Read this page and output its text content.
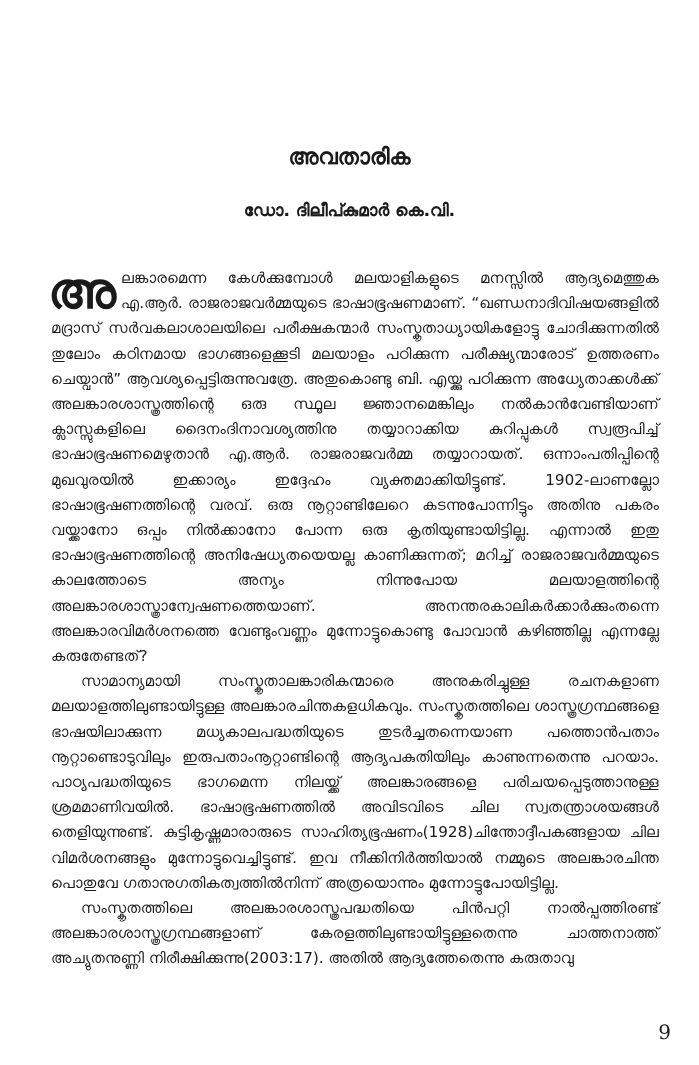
അവതാരിക
ഡോ. ദിലീപ്കുമാർ കെ.വി.

അലങ്കാരമെന്ന കേൾക്കുമ്പോൾ മലയാളികളുടെ മനസ്സിൽ ആദ്യമെത്തുക എ.ആർ. രാജരാജവർമ്മയുടെ ഭാഷാഭൂഷണമാണ്. “ഖണ്ഡനാദിവിഷയങ്ങളിൽ മദ്രാസ് സർവകലാശാലയിലെ പരീക്ഷകന്മാർ സംസ്കൃതാധ്യായികളോട്ടു ചോദിക്കുന്നതിൽ തുലോം കഠിനമായ ഭാഗങ്ങളെക്കൂടി മലയാളം പഠിക്കുന്ന പരീക്ഷ്യന്മാരോട് ഉത്തരണം ചെയ്വാൻ” ആവശ്യപ്പെട്ടിരുന്നുവത്രേ. അതുകൊണ്ടു ബി. എയ്ക്കു പഠിക്കുന്ന അധ്യേതാക്കൾക്ക് അലങ്കാരശാസ്ത്രത്തിന്റെ ഒരു സ്ഥൂല ജ്ഞാനമെങ്കിലും നൽകാൻവേണ്ടിയാണ് ക്ലാസ്സുകളിലെ ദൈനംദിനാവശ്യത്തിനു തയ്യാറാക്കിയ കുറിപ്പുകൾ സ്വരൂപിച്ച് ഭാഷാഭൂഷണമെഴുതാൻ എ.ആർ. രാജരാജവർമ്മ തയ്യാറായത്. ഒന്നാംപതിപ്പിന്റെ മുഖവുരയിൽ ഇക്കാര്യം ഇദ്ദേഹം വ്യക്തമാക്കിയിട്ടുണ്ട്. 1902-ലാണല്ലോ ഭാഷാഭൂഷണത്തിന്റെ വരവ്. ഒരു നൂറ്റാണ്ടിലേറെ കടന്നുപോന്നിട്ടും അതിനു പകരം വയ്ക്കാനോ ഒപ്പം നിൽക്കാനോ പോന്ന ഒരു കൃതിയുണ്ടായിട്ടില്ല. എന്നാൽ ഇതു ഭാഷാഭൂഷണത്തിന്റെ അനിഷേധ്യതയെയല്ല കാണിക്കുന്നത്; മറിച്ച് രാജരാജവർമ്മയുടെ കാലത്തോടെ അന്യം നിന്നുപോയ മലയാളത്തിന്റെ അലങ്കാരശാസ്ത്രാന്വേഷണത്തെയാണ്. അനന്തരകാലികർക്കാർക്കുംതന്നെ അലങ്കാരവിമർശനത്തെ വേണ്ടുംവണ്ണം മുന്നോട്ടുകൊണ്ടു പോവാൻ കഴിഞ്ഞില്ല എന്നല്ലേ കരുതേണ്ടത്?

സാമാന്യമായി സംസ്കൃതാലങ്കാരികന്മാരെ അനുകരിച്ചുള്ള രചനകളാണ മലയാളത്തിലുണ്ടായിട്ടുള്ള അലങ്കാരചിന്തകളധികവും. സംസ്കൃതത്തിലെ ശാസ്ത്രഗ്രന്ഥങ്ങളെ ഭാഷയിലാക്കുന്ന മധ്യകാലപദ്ധതിയുടെ തുടർച്ചതന്നെയാണ പത്തൊൻപതാം നൂറ്റാണ്ടൊടുവിലും ഇരുപതാംനൂറ്റാണ്ടിന്റെ ആദ്യപകുതിയിലും കാണുന്നതെന്നു പറയാം. പാഠ്യപദ്ധതിയുടെ ഭാഗമെന്ന നിലയ്ക്ക് അലങ്കാരങ്ങളെ പരിചയപ്പെടുത്താനുള്ള ശ്രമമാണിവയിൽ. ഭാഷാഭൂഷണത്തിൽ അവിടവിടെ ചില സ്വതന്ത്രാശയങ്ങൾ തെളിയുന്നുണ്ട്. കുട്ടികൃഷ്ണമാരാരുടെ സാഹിത്യഭൂഷണം(1928)ചിന്തോദ്ദീപകങ്ങളായ ചില വിമർശനങ്ങളും മുന്നോട്ടുവെച്ചിട്ടുണ്ട്. ഇവ നീക്കിനിർത്തിയാൽ നമ്മുടെ അലങ്കാരചിന്ത പൊതുവേ ഗതാനുഗതികത്വത്തിൽനിന്ന് അത്രയൊന്നും മുന്നോട്ടുപോയിട്ടില്ല.

സംസ്കൃതത്തിലെ അലങ്കാരശാസ്ത്രപദ്ധതിയെ പിൻപറ്റി നാൽപ്പത്തിരണ്ട് അലങ്കാരശാസ്ത്രഗ്രന്ഥങ്ങളാണ് കേരളത്തിലുണ്ടായിട്ടുള്ളതെന്നു ചാത്തനാത്ത് അച്യുതനുണ്ണി നിരീക്ഷിക്കുന്നു(2003:17). അതിൽ ആദ്യത്തേതെന്നു കരുതാവു

9
